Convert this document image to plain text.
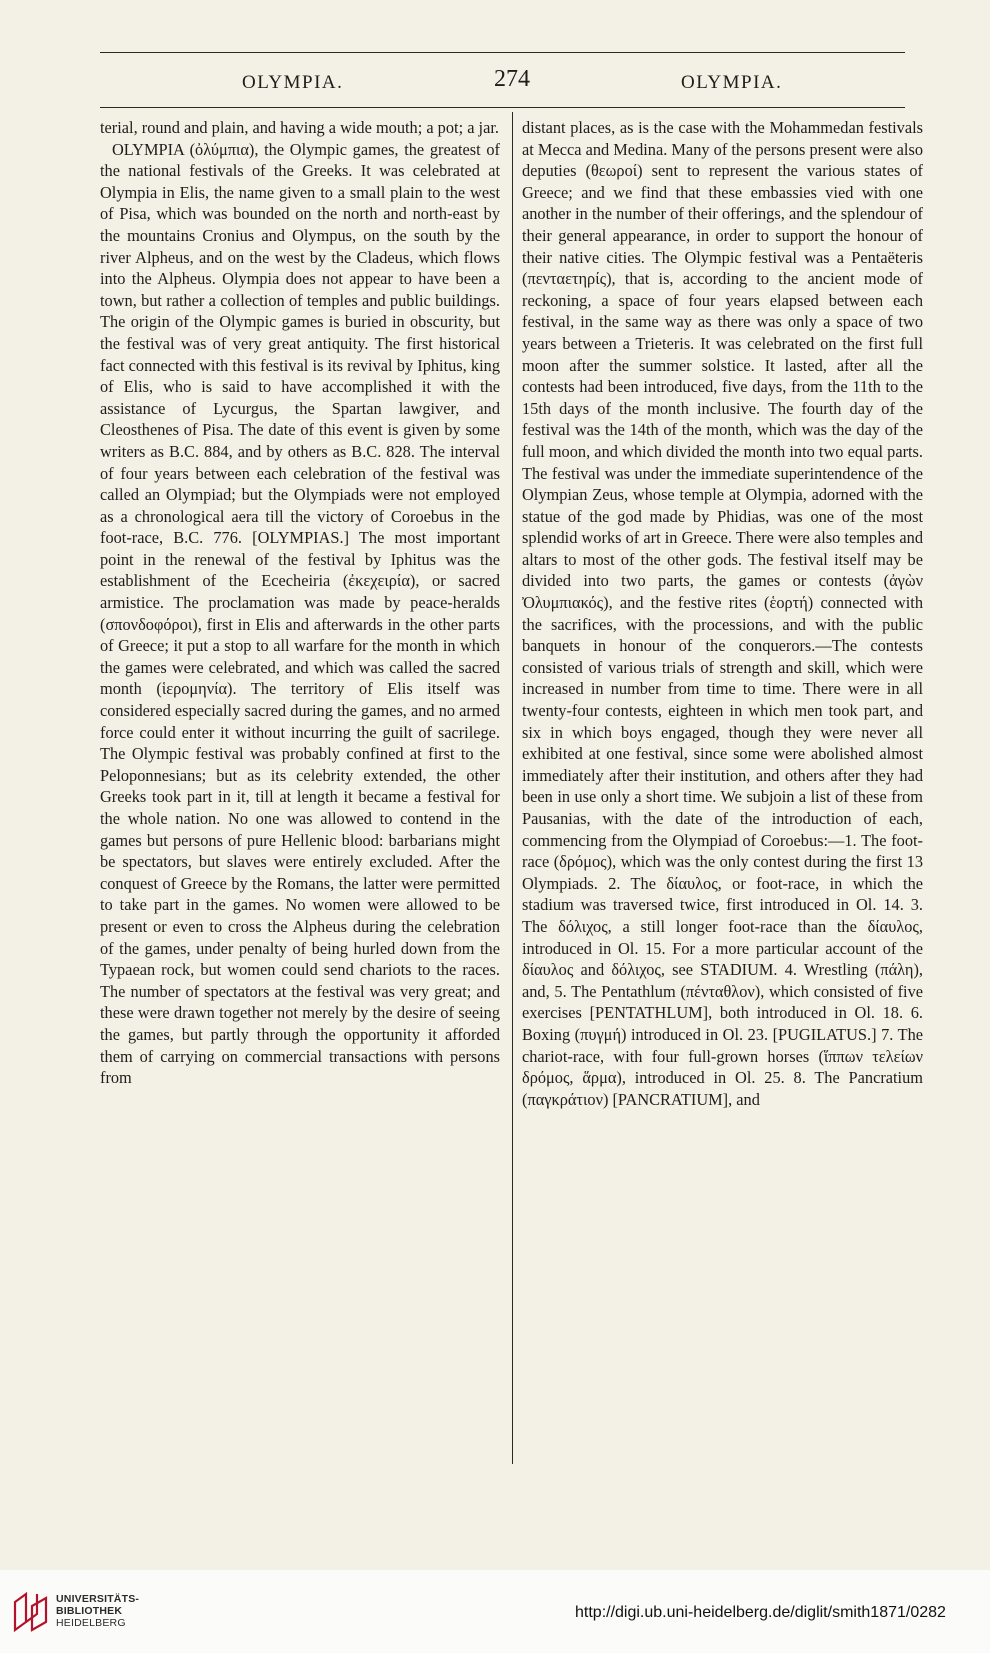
OLYMPIA.	274	OLYMPIA.

terial, round and plain, and having a wide mouth; a pot; a jar.

OLYMPIA (ὀλύμπια), the Olympic games, the greatest of the national festivals of the Greeks. It was celebrated at Olympia in Elis, the name given to a small plain to the west of Pisa, which was bounded on the north and north-east by the mountains Cronius and Olympus, on the south by the river Alpheus, and on the west by the Cladeus, which flows into the Alpheus. Olympia does not appear to have been a town, but rather a collection of temples and public buildings. The origin of the Olympic games is buried in obscurity, but the festival was of very great antiquity. The first historical fact connected with this festival is its revival by Iphitus, king of Elis, who is said to have accomplished it with the assistance of Lycurgus, the Spartan lawgiver, and Cleosthenes of Pisa. The date of this event is given by some writers as B.C. 884, and by others as B.C. 828. The interval of four years between each celebration of the festival was called an Olympiad; but the Olympiads were not employed as a chronological aera till the victory of Coroebus in the foot-race, B.C. 776. [OLYMPIAS.] The most important point in the renewal of the festival by Iphitus was the establishment of the Ececheiria (ἐκεχειρία), or sacred armistice. The proclamation was made by peace-heralds (σπονδοφόροι), first in Elis and afterwards in the other parts of Greece; it put a stop to all warfare for the month in which the games were celebrated, and which was called the sacred month (ἱερομηνία). The territory of Elis itself was considered especially sacred during the games, and no armed force could enter it without incurring the guilt of sacrilege. The Olympic festival was probably confined at first to the Peloponnesians; but as its celebrity extended, the other Greeks took part in it, till at length it became a festival for the whole nation. No one was allowed to contend in the games but persons of pure Hellenic blood: barbarians might be spectators, but slaves were entirely excluded. After the conquest of Greece by the Romans, the latter were permitted to take part in the games. No women were allowed to be present or even to cross the Alpheus during the celebration of the games, under penalty of being hurled down from the Typaean rock, but women could send chariots to the races. The number of spectators at the festival was very great; and these were drawn together not merely by the desire of seeing the games, but partly through the opportunity it afforded them of carrying on commercial transactions with persons from

distant places, as is the case with the Mohammedan festivals at Mecca and Medina. Many of the persons present were also deputies (θεωροί) sent to represent the various states of Greece; and we find that these embassies vied with one another in the number of their offerings, and the splendour of their general appearance, in order to support the honour of their native cities. The Olympic festival was a Pentaëteris (πενταετηρίς), that is, according to the ancient mode of reckoning, a space of four years elapsed between each festival, in the same way as there was only a space of two years between a Trieteris. It was celebrated on the first full moon after the summer solstice. It lasted, after all the contests had been introduced, five days, from the 11th to the 15th days of the month inclusive. The fourth day of the festival was the 14th of the month, which was the day of the full moon, and which divided the month into two equal parts. The festival was under the immediate superintendence of the Olympian Zeus, whose temple at Olympia, adorned with the statue of the god made by Phidias, was one of the most splendid works of art in Greece. There were also temples and altars to most of the other gods. The festival itself may be divided into two parts, the games or contests (ἀγὼν Ὀλυμπιακός), and the festive rites (ἑορτή) connected with the sacrifices, with the processions, and with the public banquets in honour of the conquerors.—The contests consisted of various trials of strength and skill, which were increased in number from time to time. There were in all twenty-four contests, eighteen in which men took part, and six in which boys engaged, though they were never all exhibited at one festival, since some were abolished almost immediately after their institution, and others after they had been in use only a short time. We subjoin a list of these from Pausanias, with the date of the introduction of each, commencing from the Olympiad of Coroebus:—1. The foot-race (δρόμος), which was the only contest during the first 13 Olympiads. 2. The δίαυλος, or foot-race, in which the stadium was traversed twice, first introduced in Ol. 14. 3. The δόλιχος, a still longer foot-race than the δίαυλος, introduced in Ol. 15. For a more particular account of the δίαυλος and δόλιχος, see STADIUM. 4. Wrestling (πάλη), and, 5. The Pentathlum (πένταθλον), which consisted of five exercises [PENTATHLUM], both introduced in Ol. 18. 6. Boxing (πυγμή) introduced in Ol. 23. [PUGILATUS.] 7. The chariot-race, with four full-grown horses (ἵππων τελείων δρόμος, ἅρμα), introduced in Ol. 25. 8. The Pancratium (παγκράτιον) [PANCRATIUM], and

UNIVERSITÄTS-
BIBLIOTHEK
HEIDELBERG
http://digi.ub.uni-heidelberg.de/diglit/smith1871/0282
